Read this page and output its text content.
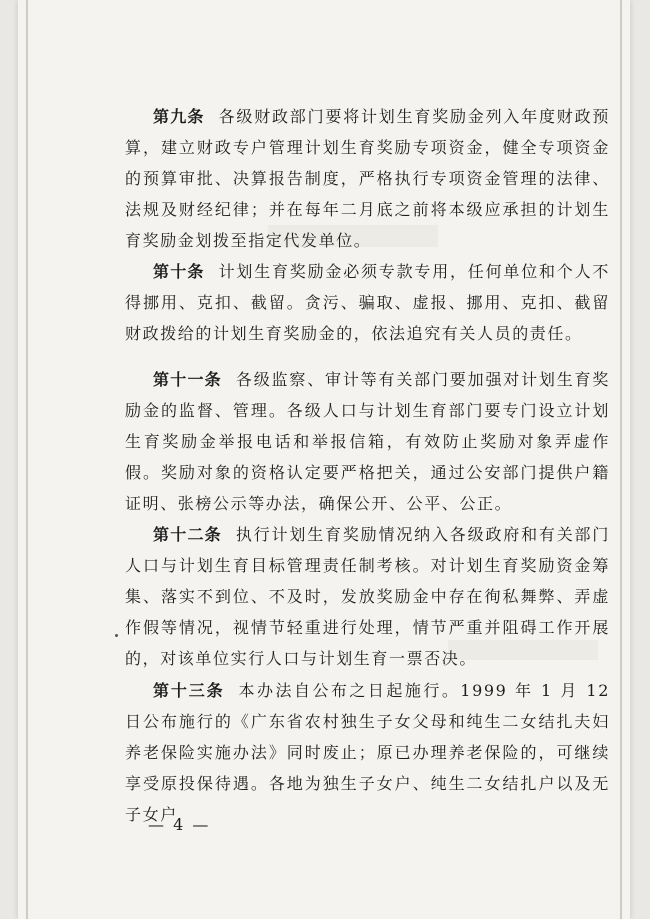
第九条 各级财政部门要将计划生育奖励金列入年度财政预算，建立财政专户管理计划生育奖励专项资金，健全专项资金的预算审批、决算报告制度，严格执行专项资金管理的法律、法规及财经纪律；并在每年二月底之前将本级应承担的计划生育奖励金划拨至指定代发单位。

第十条 计划生育奖励金必须专款专用，任何单位和个人不得挪用、克扣、截留。贪污、骗取、虚报、挪用、克扣、截留财政拨给的计划生育奖励金的，依法追究有关人员的责任。

第十一条 各级监察、审计等有关部门要加强对计划生育奖励金的监督、管理。各级人口与计划生育部门要专门设立计划生育奖励金举报电话和举报信箱，有效防止奖励对象弄虚作假。奖励对象的资格认定要严格把关，通过公安部门提供户籍证明、张榜公示等办法，确保公开、公平、公正。

第十二条 执行计划生育奖励情况纳入各级政府和有关部门人口与计划生育目标管理责任制考核。对计划生育奖励资金筹集、落实不到位、不及时，发放奖励金中存在徇私舞弊、弄虚作假等情况，视情节轻重进行处理，情节严重并阻碍工作开展的，对该单位实行人口与计划生育一票否决。

第十三条 本办法自公布之日起施行。1999 年 1 月 12 日公布施行的《广东省农村独生子女父母和纯生二女结扎夫妇养老保险实施办法》同时废止；原已办理养老保险的，可继续享受原投保待遇。各地为独生子女户、纯生二女结扎户以及无子女户

— 4 —
